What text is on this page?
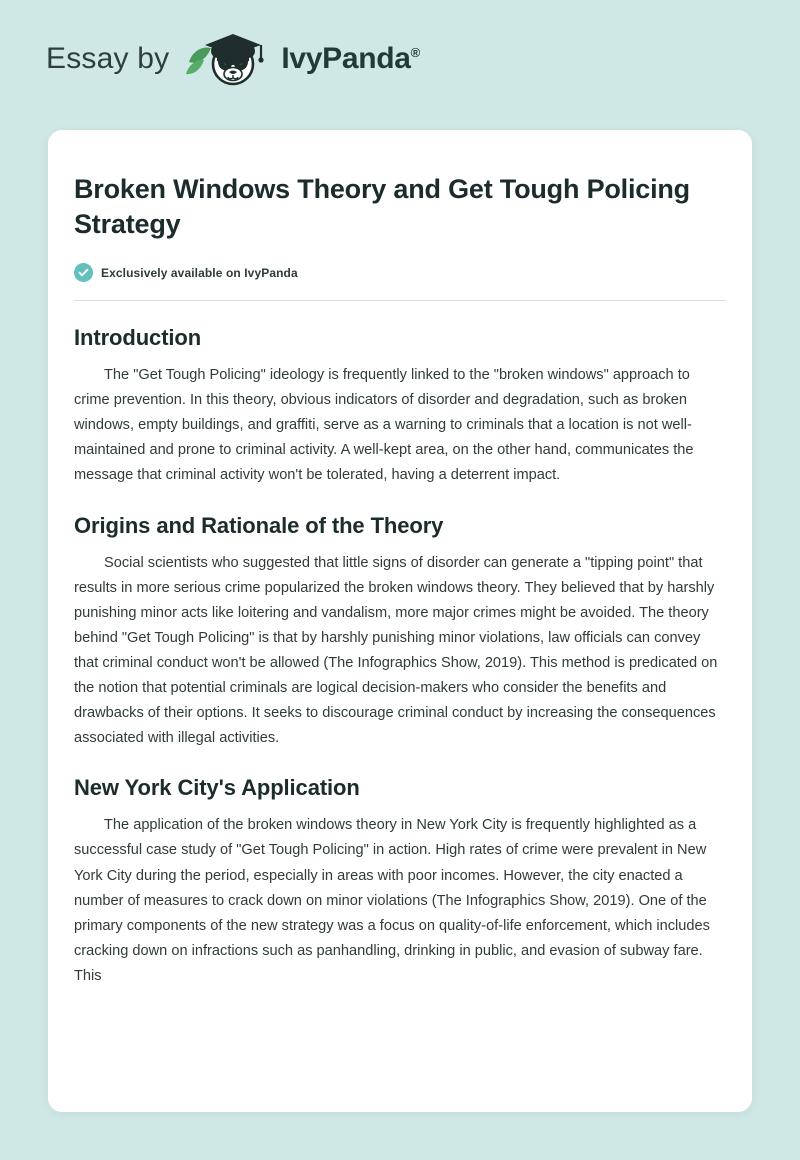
Essay by	IvyPanda®
Broken Windows Theory and Get Tough Policing Strategy
Exclusively available on IvyPanda
Introduction

The "Get Tough Policing" ideology is frequently linked to the "broken windows" approach to crime prevention. In this theory, obvious indicators of disorder and degradation, such as broken windows, empty buildings, and graffiti, serve as a warning to criminals that a location is not well-maintained and prone to criminal activity. A well-kept area, on the other hand, communicates the message that criminal activity won't be tolerated, having a deterrent impact.

Origins and Rationale of the Theory

Social scientists who suggested that little signs of disorder can generate a "tipping point" that results in more serious crime popularized the broken windows theory. They believed that by harshly punishing minor acts like loitering and vandalism, more major crimes might be avoided. The theory behind "Get Tough Policing" is that by harshly punishing minor violations, law officials can convey that criminal conduct won't be allowed (The Infographics Show, 2019). This method is predicated on the notion that potential criminals are logical decision-makers who consider the benefits and drawbacks of their options. It seeks to discourage criminal conduct by increasing the consequences associated with illegal activities.

New York City's Application

The application of the broken windows theory in New York City is frequently highlighted as a successful case study of "Get Tough Policing" in action. High rates of crime were prevalent in New York City during the period, especially in areas with poor incomes. However, the city enacted a number of measures to crack down on minor violations (The Infographics Show, 2019). One of the primary components of the new strategy was a focus on quality-of-life enforcement, which includes cracking down on infractions such as panhandling, drinking in public, and evasion of subway fare. This
